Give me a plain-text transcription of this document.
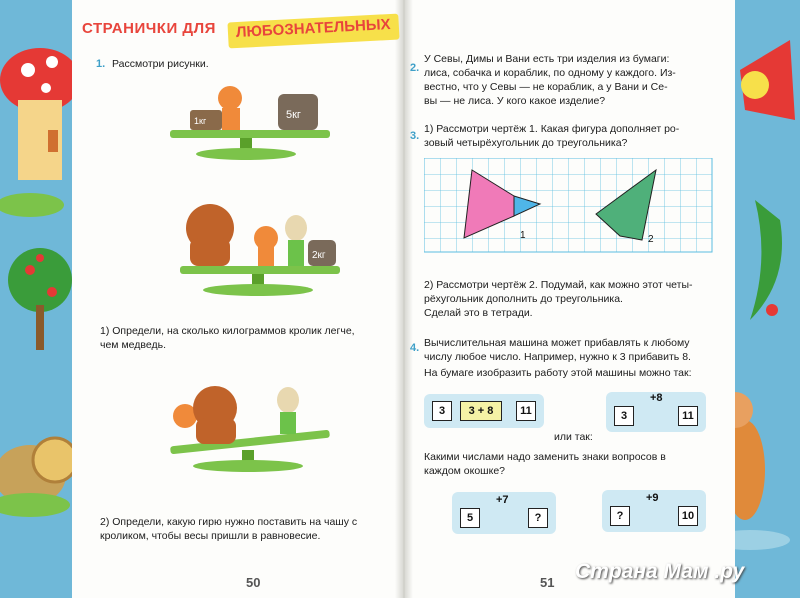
СТРАНИЧКИ ДЛЯ	ЛЮБОЗНАТЕЛЬНЫХ
1. Рассмотри рисунки.
5кг
1кг
2кг
1) Определи, на сколько килограммов кролик легче,
чем медведь.
2) Определи, какую гирю нужно поставить на чашу с
кроликом, чтобы весы пришли в равновесие.
50
2.
У Севы, Димы и Вани есть три изделия из бумаги:
лиса, собачка и кораблик, по одному у каждого. Из-
вестно, что у Севы — не кораблик, а у Вани и Се-
вы — не лиса. У кого какое изделие?
3.
1) Рассмотри чертёж 1. Какая фигура дополняет ро-
зовый четырёхугольник до треугольника?
1	2
2) Рассмотри чертёж 2. Подумай, как можно этот четы-
рёхугольник дополнить до треугольника.
Сделай это в тетради.
4. Вычислительная машина может прибавлять к любому
числу любое число. Например, нужно к 3 прибавить 8.
На бумаге изобразить работу этой машины можно так:
3	3 + 8	11	3
+8
11
или так:
Какими числами надо заменить знаки вопросов в
каждом окошке?
5
+7
?	?
+9
10
51 Страна Мам .ру
